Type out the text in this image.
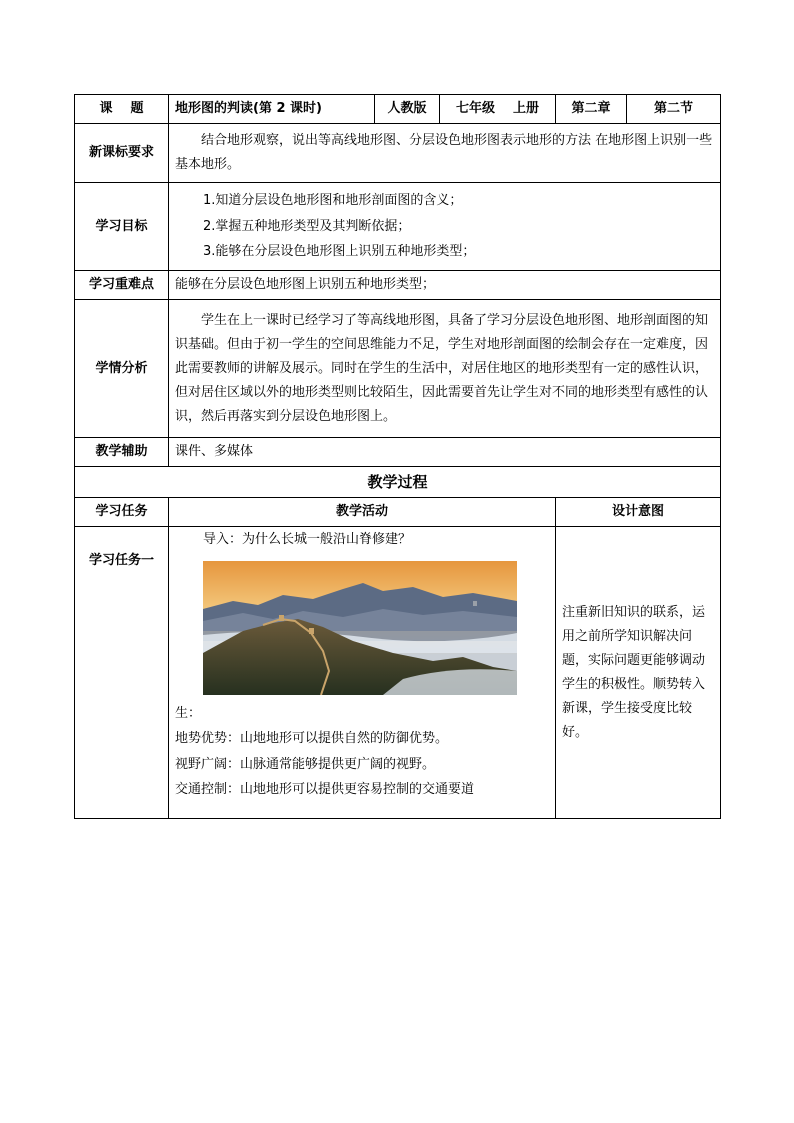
课    题	地形图的判读(第 2 课时)	人教版	七年级    上册	第二章	第二节
新课标要求	结合地形观察，说出等高线地形图、分层设色地形图表示地形的方法 在地形图上识别一些基本地形。				
学习目标	1.知道分层设色地形图和地形剖面图的含义；
2.掌握五种地形类型及其判断依据；
3.能够在分层设色地形图上识别五种地形类型；				

学习重难点	能够在分层设色地形图上识别五种地形类型；				
学情分析	学生在上一课时已经学习了等高线地形图，具备了学习分层设色地形图、地形剖面图的知识基础。但由于初一学生的空间思维能力不足，学生对地形剖面图的绘制会存在一定难度，因此需要教师的讲解及展示。同时在学生的生活中，对居住地区的地形类型有一定的感性认识，但对居住区域以外的地形类型则比较陌生，因此需要首先让学生对不同的地形类型有感性的认识，然后再落实到分层设色地形图上。				
教学辅助	课件、多媒体				
教学过程					
学习任务	教学活动			设计意图	
学习任务一	导入：为什么长城一般沿山脊修建？
生：
地势优势：山地地形可以提供自然的防御优势。
视野广阔：山脉通常能够提供更广阔的视野。
交通控制：山地地形可以提供更容易控制的交通要道			注重新旧知识的联系，运用之前所学知识解决问题，实际问题更能够调动学生的积极性。顺势转入新课，学生接受度比较好。	
